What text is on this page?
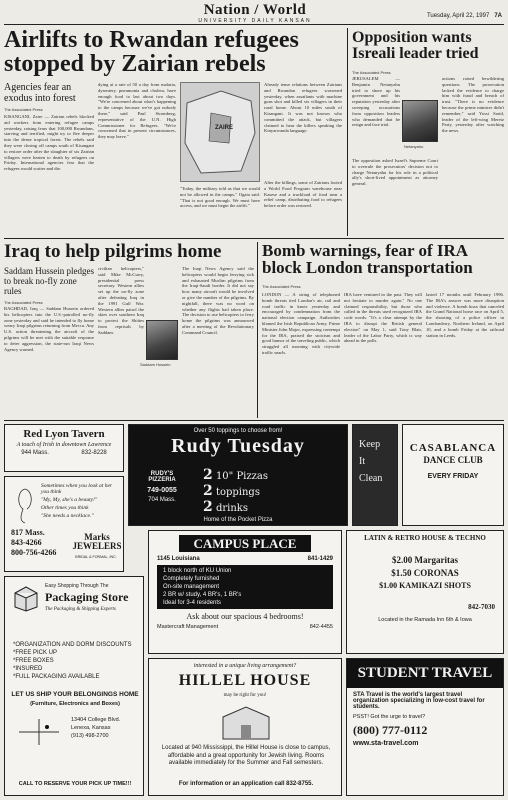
Nation / World
UNIVERSITY DAILY KANSAN
Tuesday, April 22, 1997 7A
Airlifts to Rwandan refugees stopped by Zairian rebels
Agencies fear an exodus into forest
The Associated Press
KISANGANI, Zaire — Zairian rebels blocked aid workers from entering refugee camps yesterday, raising fears that 100,000 Rwandans, starving and terrified, might try to flee deeper into the dense tropical forest. The rebels said they were closing off camps south of Kisangani to restore order after the slaughter of six Zairian villagers were beaten to death by refugees on Friday. International agencies fear that the refugees would scatter and die.
dying at a rate of 50 a day from malaria, dysentery, pneumonia and cholera, have enough food to last about two days. "We're concerned about what's happening to the camps because we've got nobody there," said Paul Stromberg, representative of the U.N. High Commissioner for Refugees. "We're concerned that in present circumstances, they may leave."
ZAIRE
"Today, the military told us that we would not be allowed in the camps," Ogata said. "That is not good enough. We must have access, and we must begin the airlift."
Already tense relations between Zairians and Rwandan refugees worsened yesterday, when assailants with machine guns shot and killed six villagers in their rural home. About 10 miles south of Kisangani. It was not known who committed the attack, but villagers claimed to hear the killers speaking the Kinyarwanda language.
After the killings, some of Zairians looted a World Food Program warehouse near Kasese and a truckload of food near a relief camp, distributing food to refugees before order was restored.
Opposition wants Isreali leader tried
The Associated Press
JERUSALEM — Benjamin Netanyahu tried to shore up his government and his reputation yesterday after sweeping accusations from opposition leaders who demanded that he resign and face trial.
Netanyahu
The opposition asked Israel's Supreme Court to overrule the prosecutors' decision not to charge Netanyahu for his role in a political ally's short-lived appointment as attorney general.
actions raised bewildering questions. The prosecution lacked the evidence to charge him with fraud and breach of trust. "There is no evidence because the prime minister didn't remember," said Yossi Sarid, leader of the left-wing Meretz Party, yesterday after watching the news.
Iraq to help pilgrims home
Saddam Hussein pledges to break no-fly zone rules
The Associated Press
BAGHDAD, Iraq — Saddam Hussein ordered his helicopters into the U.S.-patrolled no-fly zone yesterday and said he intended to fly home weary Iraqi pilgrims returning from Mecca. Any U.S. action threatening the aircraft of the pilgrims will be met with the suitable response to deter aggression, the state-run Iraqi News Agency warned.
civilian helicopters," said Mike McCurry, presidential press secretary. Western allies set up the no-fly zone after defeating Iraq in the 1991 Gulf War. Western allies patrol the skies over southern Iraq to protect the Shiites from reprisals by Saddam.
Saddam Hussein
The Iraqi News Agency said the helicopters would begin ferrying sick and exhausted Muslim pilgrims from the Iraqi-Saudi border. It did not say how many aircraft would be involved or give the number of the pilgrims. By nightfall, there was no word on whether any flights had taken place. The decision to use helicopters to ferry home the pilgrims was announced after a meeting of the Revolutionary Command Council.
Bomb warnings, fear of IRA block London transportation
The Associated Press
LONDON — A string of telephoned bomb threats tied London's air, rail and road traffic in knots yesterday and encouraged by condemnation from the national election campaign. Authorities blamed the Irish Republican Army. Prime Minister John Major, expressing contempt for the IRA, praised the stoicism and good humor of the traveling public, which struggled all morning with citywide traffic snarls.
IRA have ventured in the past. They will not hesitate to murder again." No one claimed responsibility, but those who called in the threats used recognized IRA code words. "It's a clear attempt by the IRA to disrupt the British general election" on May 1, said Tony Blair, leader of the Labor Party, which is way ahead in the polls.
lasted 17 months until February 1996. The IRA's answer was more disruption and violence. A bomb hoax that canceled the Grand National horse race on April 5, the shooting of a police officer in Londonderry, Northern Ireland, on April 10, and a bomb Friday at the railroad station in Leeds.
Red Lyon Tavern
A touch of Irish in downtown Lawrence
944 Mass.	832-8228
Sometimes when you look at her you think
"My, My, she's a beauty!"
Other times you think
"She needs a necklace."
817 Mass.
843-4266
800-756-4266
Marks JEWELERS
BRIDAL & FORMAL, INC.
Easy Shopping Through The
Packaging Store
The Packaging & Shipping Experts
*ORGANIZATION AND DORM DISCOUNTS
*FREE PICK UP
*FREE BOXES
*INSURED
*FULL PACKAGING AVAILABLE
LET US SHIP YOUR BELONGINGS HOME
(Furniture, Electronics and Boxes)
13404 College Blvd.
Lenexa, Kansas
(913) 498-2700
CALL TO RESERVE YOUR PICK UP TIME!!!
Over 50 toppings to choose from!
Rudy Tuesday
RUDY'S PIZZERIA
749-0055
704 Mass.
2 10" Pizzas
2 toppings
2 drinks
Home of the Pocket Pizza
Keep
It
Clean
CASABLANCA
DANCE CLUB
EVERY FRIDAY
CAMPUS PLACE
1145 Louisiana	841-1429
1 block north of KU Union
Completely furnished
On-site management
2 BR w/ study, 4 BR's, 1 BR's
Ideal for 3-4 residents
Ask about our spacious 4 bedrooms!
Mastercraft Management	842-4455
LATIN & RETRO HOUSE & TECHNO
$2.00 Margaritas
$1.50 CORONAS
$1.00 KAMIKAZI SHOTS
842-7030
Located in the Ramada Inn 6th & Iowa
interested in a unique living arrangement?
HILLEL HOUSE
may be right for you!
Located at 940 Mississippi, the Hillel House is close to campus, affordable and a great opportunity for Jewish living. Rooms available immediately for the Summer and Fall semesters.
For information or an application call 832-8755.
STUDENT TRAVEL
STA Travel is the world's largest travel organization specializing in low-cost travel for students.
PSST! Got the urge to travel?
(800) 777-0112
www.sta-travel.com
